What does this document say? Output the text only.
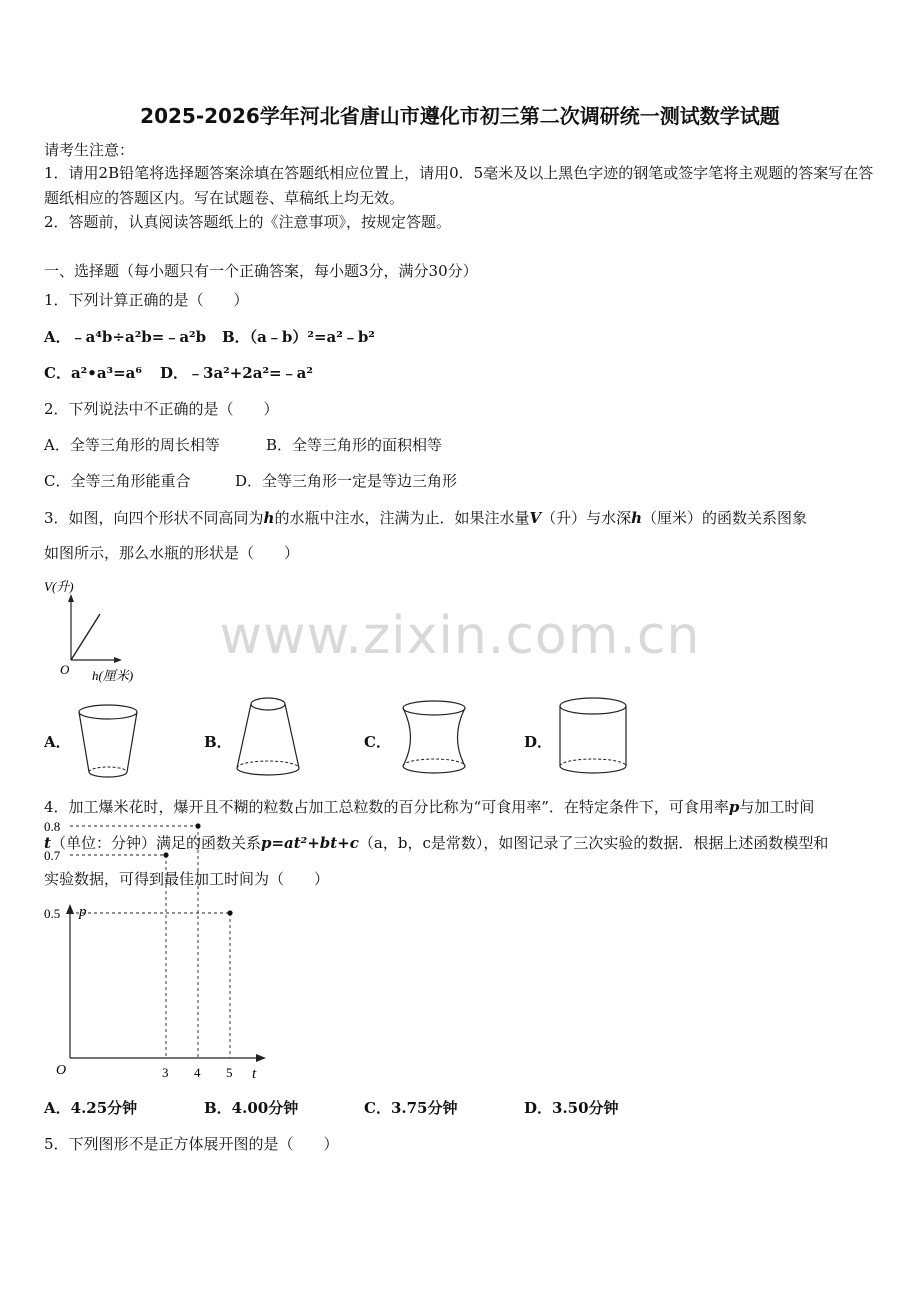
2025-2026学年河北省唐山市遵化市初三第二次调研统一测试数学试题
请考生注意：
1．请用2B铅笔将选择题答案涂填在答题纸相应位置上，请用0．5毫米及以上黑色字迹的钢笔或签字笔将主观题的答案写在答题纸相应的答题区内。写在试题卷、草稿纸上均无效。
2．答题前，认真阅读答题纸上的《注意事项》，按规定答题。
一、选择题（每小题只有一个正确答案，每小题3分，满分30分）
1．下列计算正确的是（　　）
A．﹣a⁴b÷a²b=﹣a²b B．（a﹣b）²=a²﹣b²
C．a²•a³=a⁶ D．﹣3a²+2a²=﹣a²
2．下列说法中不正确的是（　　）
A．全等三角形的周长相等	B．全等三角形的面积相等
C．全等三角形能重合	D．全等三角形一定是等边三角形
3．如图，向四个形状不同高同为h的水瓶中注水，注满为止．如果注水量V（升）与水深h（厘米）的函数关系图象
如图所示，那么水瓶的形状是（　　）
V(升)
O h(厘米)
A．	B．	C．	D．
www.zixin.com.cn
4．加工爆米花时，爆开且不糊的粒数占加工总粒数的百分比称为“可食用率”．在特定条件下，可食用率p与加工时间
t（单位：分钟）满足的函数关系p=at²+bt+c（a，b，c是常数），如图记录了三次实验的数据．根据上述函数模型和
实验数据，可得到最佳加工时间为（　　）
p
t
O
0.8
0.7
0.5
3 4 5
A．4.25分钟	B．4.00分钟	C．3.75分钟	D．3.50分钟
5．下列图形不是正方体展开图的是（　　）
